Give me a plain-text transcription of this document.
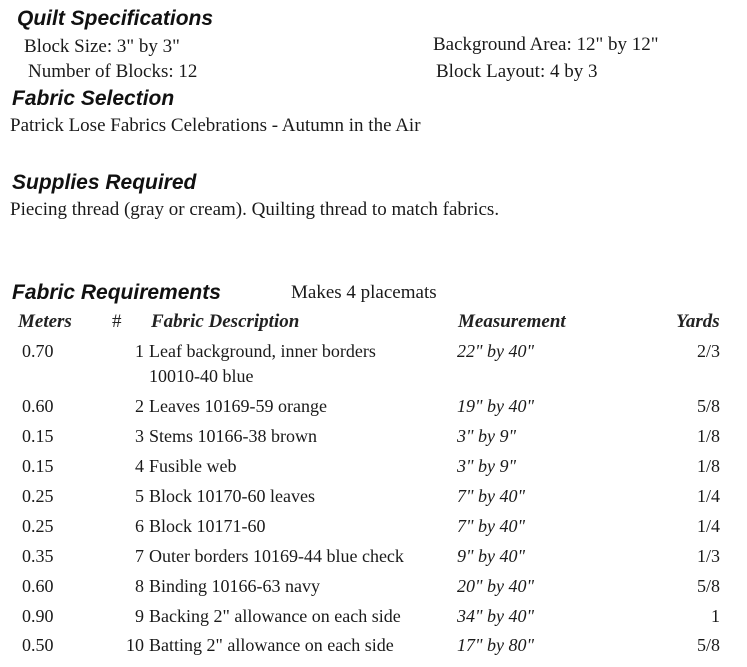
Quilt Specifications
Block Size: 3" by 3"
Number of Blocks: 12
Background Area: 12" by 12"
Block Layout: 4 by 3
Fabric Selection
Patrick Lose Fabrics Celebrations - Autumn in the Air
Supplies Required
Piecing thread (gray or cream). Quilting thread to match fabrics.
Fabric Requirements	Makes 4 placemats
Meters # Fabric Description	Measurement	Yards
0.70	1 Leaf background, inner borders	22" by 40"	2/3
10010-40 blue
0.60	2 Leaves 10169-59 orange	19" by 40"	5/8
0.15	3 Stems 10166-38 brown	3" by 9"	1/8
0.15	4 Fusible web	3" by 9"	1/8
0.25	5 Block 10170-60 leaves	7" by 40"	1/4
0.25	6 Block 10171-60	7" by 40"	1/4
0.35	7 Outer borders 10169-44 blue check	9" by 40"	1/3
0.60	8 Binding 10166-63 navy	20" by 40"	5/8
0.90	9 Backing 2" allowance on each side	34" by 40"	1
0.50	10 Batting 2" allowance on each side	17" by 80"	5/8
